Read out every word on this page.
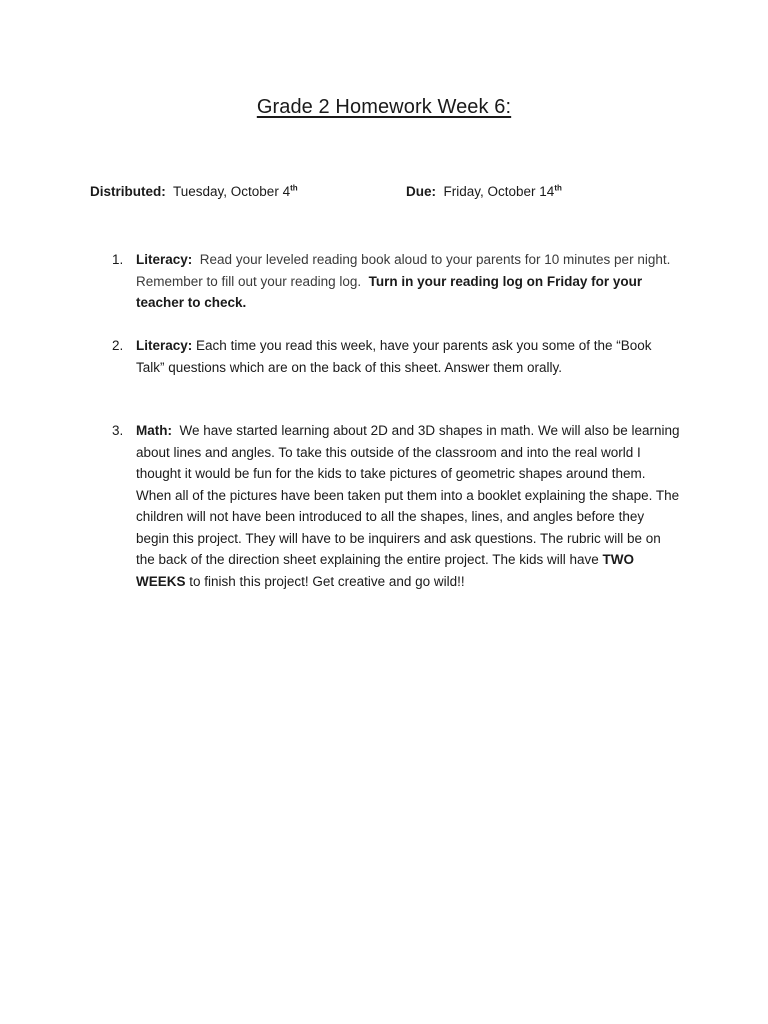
Grade 2 Homework Week 6:
Distributed: Tuesday, October 4th	Due: Friday, October 14th
1. Literacy: Read your leveled reading book aloud to your parents for 10 minutes per night. Remember to fill out your reading log. Turn in your reading log on Friday for your teacher to check.
2. Literacy: Each time you read this week, have your parents ask you some of the “Book Talk” questions which are on the back of this sheet. Answer them orally.
3. Math: We have started learning about 2D and 3D shapes in math. We will also be learning about lines and angles. To take this outside of the classroom and into the real world I thought it would be fun for the kids to take pictures of geometric shapes around them. When all of the pictures have been taken put them into a booklet explaining the shape. The children will not have been introduced to all the shapes, lines, and angles before they begin this project. They will have to be inquirers and ask questions. The rubric will be on the back of the direction sheet explaining the entire project. The kids will have TWO WEEKS to finish this project! Get creative and go wild!!
